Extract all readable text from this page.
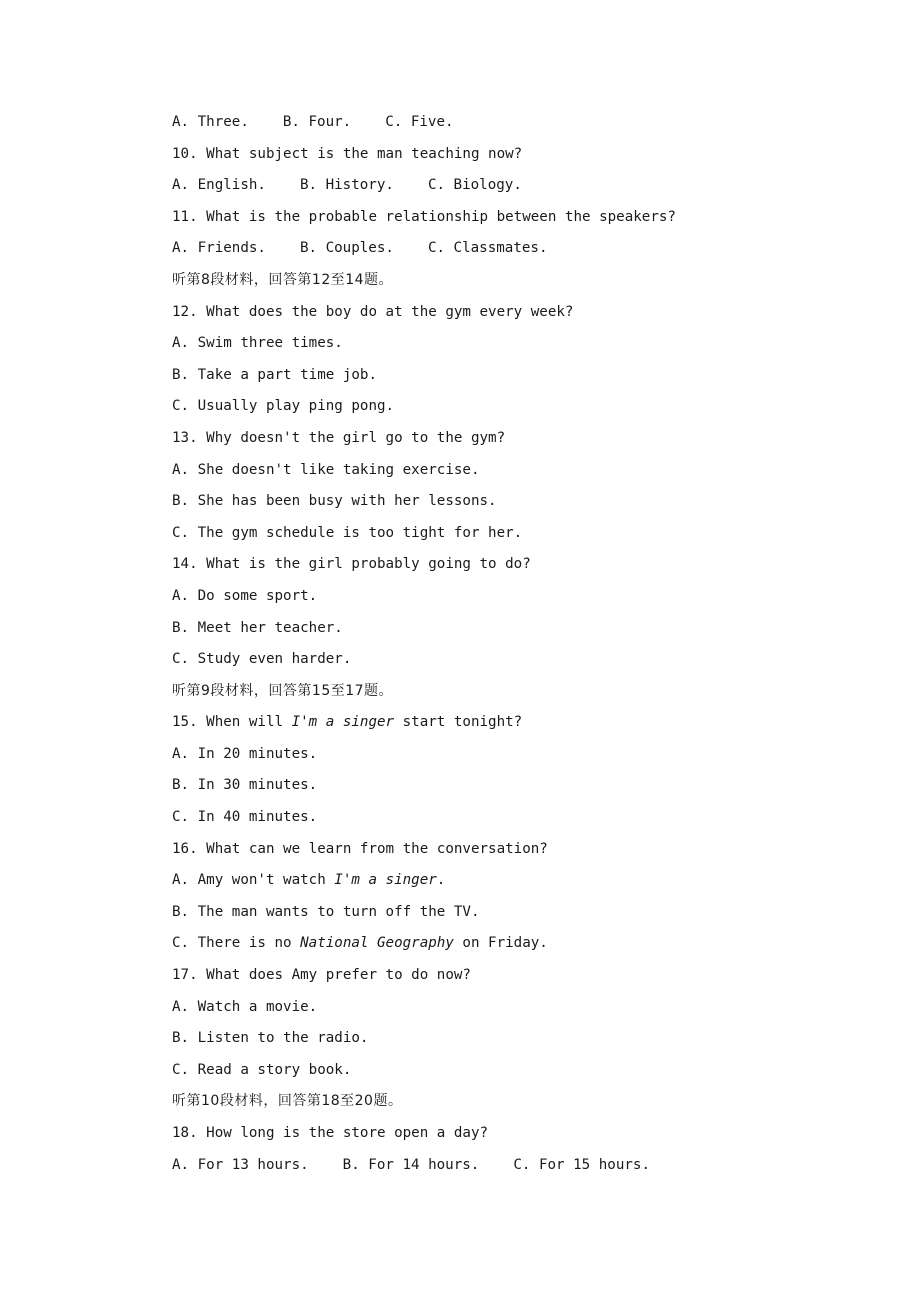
A. Three. B. Four. C. Five.
10. What subject is the man teaching now?
A. English. B. History. C. Biology.
11. What is the probable relationship between the speakers?
A. Friends. B. Couples. C. Classmates.
听第8段材料，回答第12至14题。
12. What does the boy do at the gym every week?
A. Swim three times.
B. Take a part time job.
C. Usually play ping pong.
13. Why doesn't the girl go to the gym?
A. She doesn't like taking exercise.
B. She has been busy with her lessons.
C. The gym schedule is too tight for her.
14. What is the girl probably going to do?
A. Do some sport.
B. Meet her teacher.
C. Study even harder.
听第9段材料，回答第15至17题。
15. When will I'm a singer start tonight?
A. In 20 minutes.
B. In 30 minutes.
C. In 40 minutes.
16. What can we learn from the conversation?
A. Amy won't watch I'm a singer.
B. The man wants to turn off the TV.
C. There is no National Geography on Friday.
17. What does Amy prefer to do now?
A. Watch a movie.
B. Listen to the radio.
C. Read a story book.
听第10段材料，回答第18至20题。
18. How long is the store open a day?
A. For 13 hours. B. For 14 hours. C. For 15 hours.
